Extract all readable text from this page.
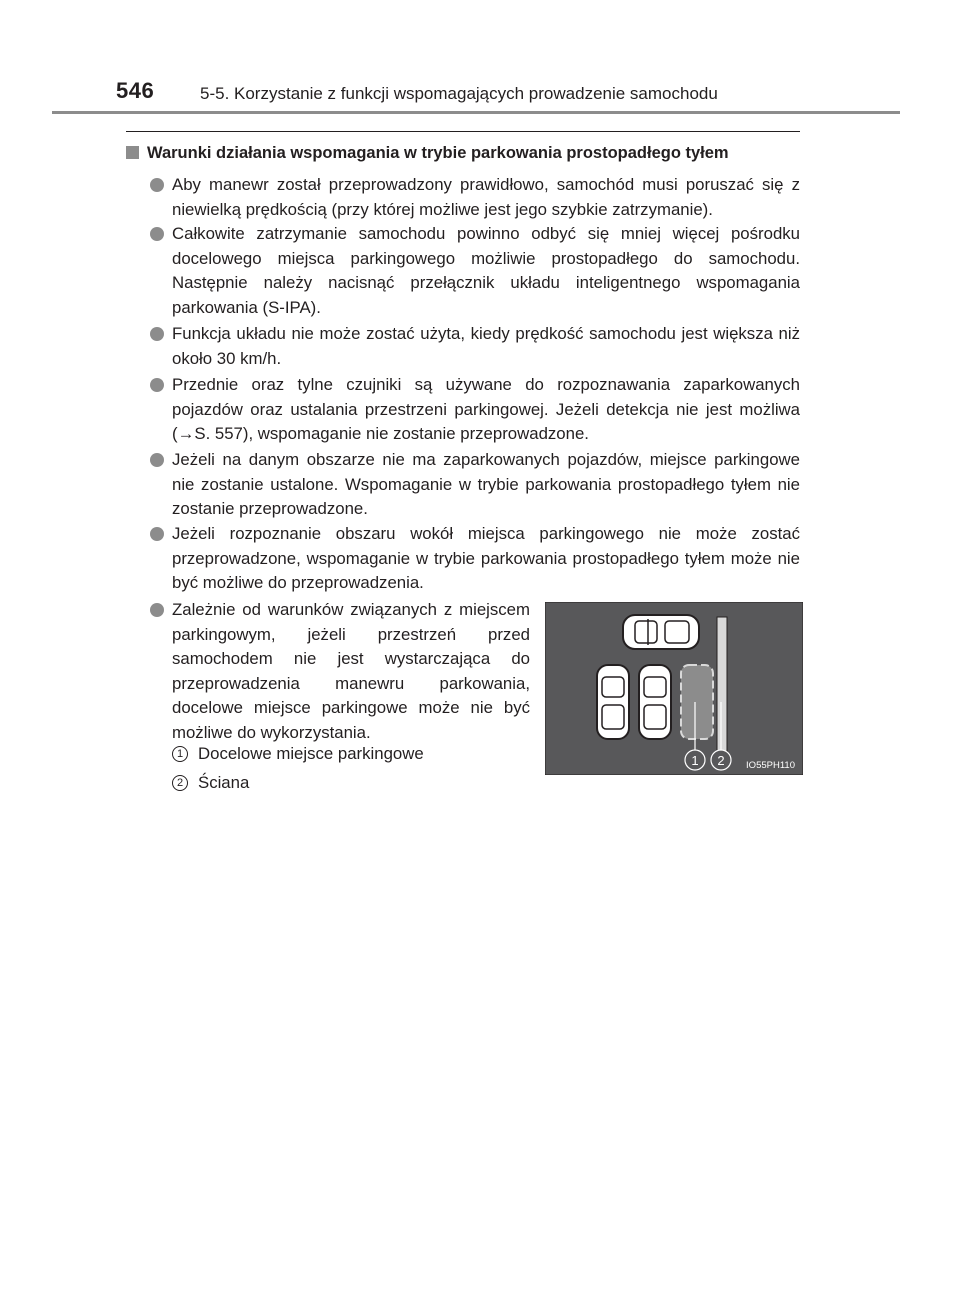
546	5-5. Korzystanie z funkcji wspomagających prowadzenie samochodu
Warunki działania wspomagania w trybie parkowania prostopadłego tyłem
Aby manewr został przeprowadzony prawidłowo, samochód musi poruszać się z niewielką prędkością (przy której możliwe jest jego szybkie zatrzymanie).
Całkowite zatrzymanie samochodu powinno odbyć się mniej więcej pośrodku docelowego miejsca parkingowego możliwie prostopadłego do samochodu. Następnie należy nacisnąć przełącznik układu inteligentnego wspomagania parkowania (S-IPA).
Funkcja układu nie może zostać użyta, kiedy prędkość samochodu jest większa niż około 30 km/h.
Przednie oraz tylne czujniki są używane do rozpoznawania zaparkowanych pojazdów oraz ustalania przestrzeni parkingowej. Jeżeli detekcja nie jest możliwa (→S. 557), wspomaganie nie zostanie przeprowadzone.
Jeżeli na danym obszarze nie ma zaparkowanych pojazdów, miejsce parkingowe nie zostanie ustalone. Wspomaganie w trybie parkowania prostopadłego tyłem nie zostanie przeprowadzone.
Jeżeli rozpoznanie obszaru wokół miejsca parkingowego nie może zostać przeprowadzone, wspomaganie w trybie parkowania prostopadłego tyłem może nie być możliwe do przeprowadzenia.
Zależnie od warunków związanych z miejscem parkingowym, jeżeli przestrzeń przed samochodem nie jest wystarczająca do przeprowadzenia manewru parkowania, docelowe miejsce parkingowe może nie być możliwe do wykorzystania.
1 Docelowe miejsce parkingowe
2 Ściana
1 2 IO55PH110
